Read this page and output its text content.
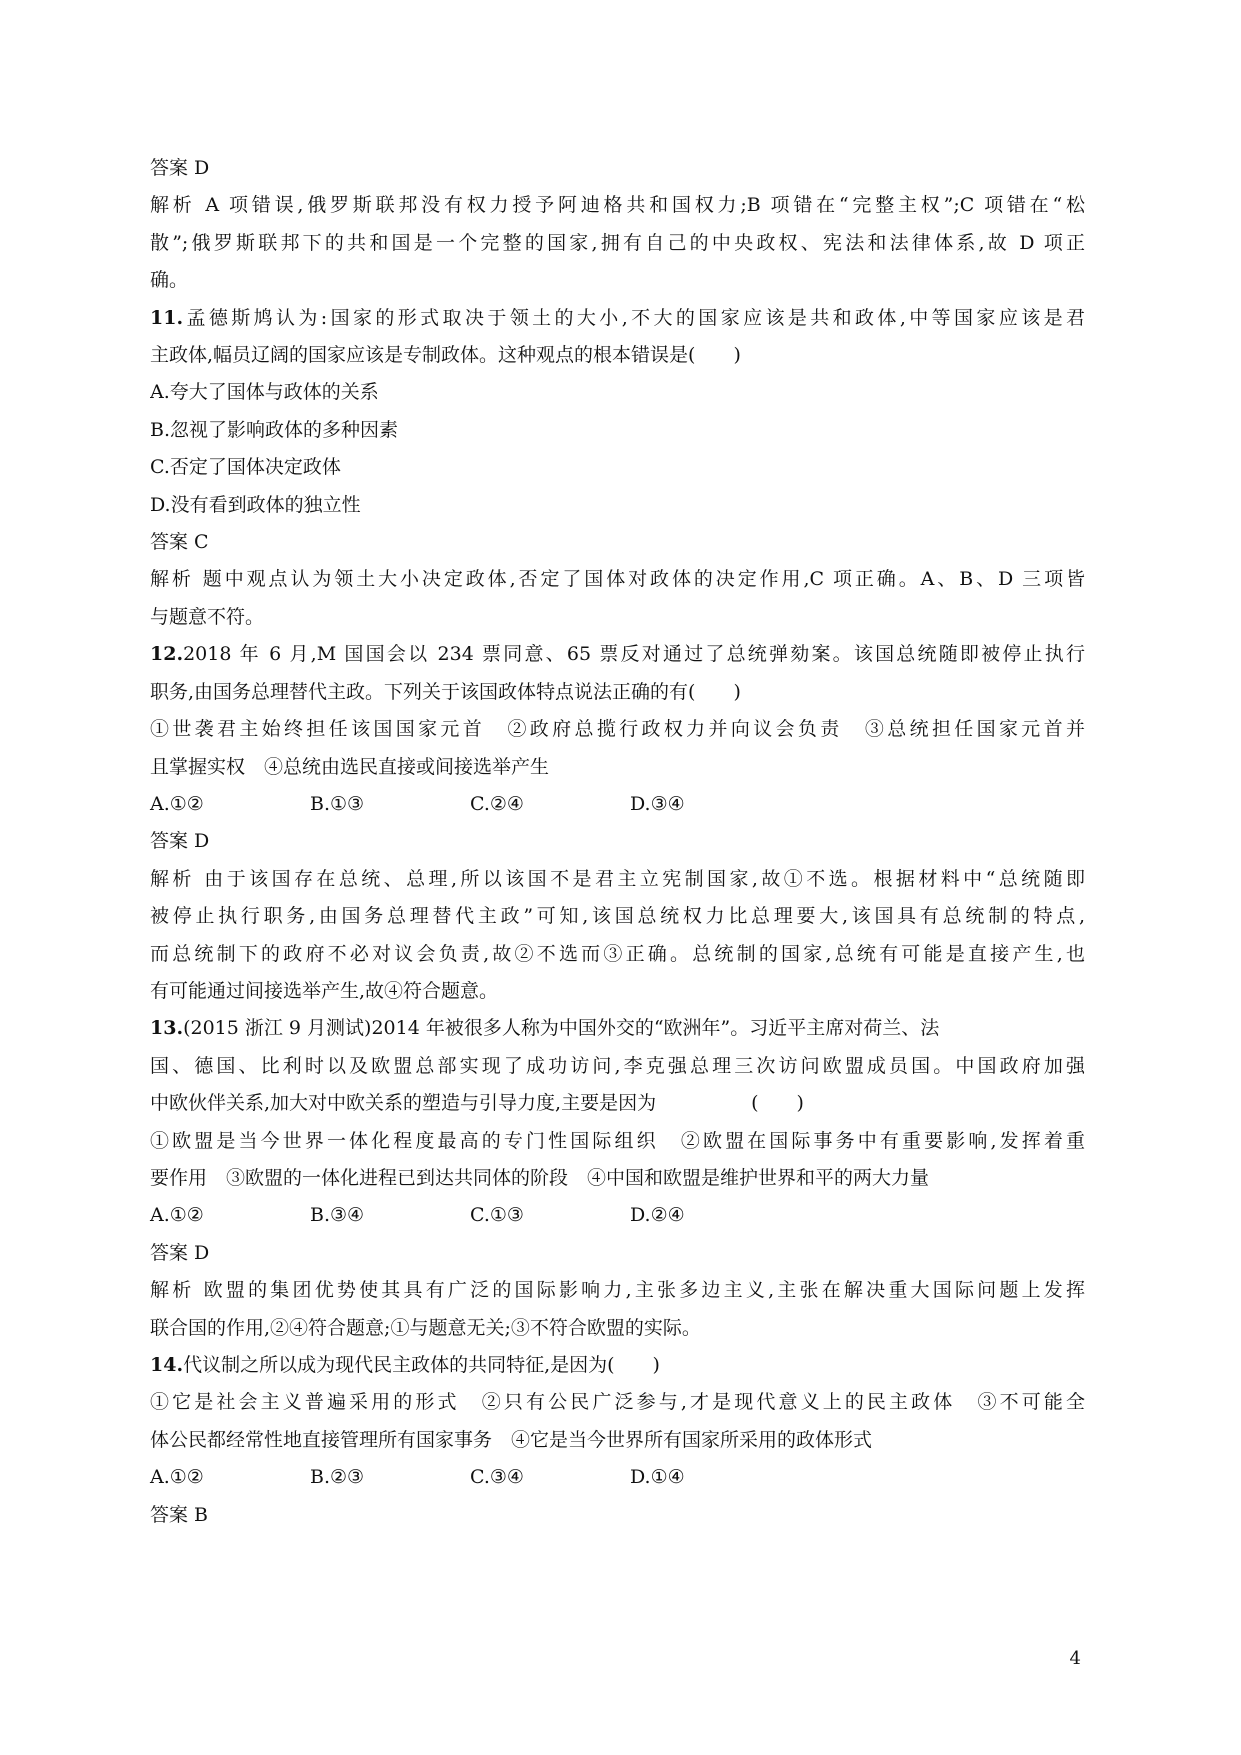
答案 D
解析 A 项错误,俄罗斯联邦没有权力授予阿迪格共和国权力;B 项错在“完整主权”;C 项错在“松
散”;俄罗斯联邦下的共和国是一个完整的国家,拥有自己的中央政权、宪法和法律体系,故 D 项正
确。
11.孟德斯鸠认为:国家的形式取决于领土的大小,不大的国家应该是共和政体,中等国家应该是君
主政体,幅员辽阔的国家应该是专制政体。这种观点的根本错误是(　　)
A.夸大了国体与政体的关系
B.忽视了影响政体的多种因素
C.否定了国体决定政体
D.没有看到政体的独立性
答案 C
解析 题中观点认为领土大小决定政体,否定了国体对政体的决定作用,C 项正确。A、B、D 三项皆
与题意不符。
12.2018 年 6 月,M 国国会以 234 票同意、65 票反对通过了总统弹劾案。该国总统随即被停止执行
职务,由国务总理替代主政。下列关于该国政体特点说法正确的有(　　)
①世袭君主始终担任该国国家元首　②政府总揽行政权力并向议会负责　③总统担任国家元首并
且掌握实权　④总统由选民直接或间接选举产生
A.①②	B.①③	C.②④	D.③④
答案 D
解析 由于该国存在总统、总理,所以该国不是君主立宪制国家,故①不选。根据材料中“总统随即
被停止执行职务,由国务总理替代主政”可知,该国总统权力比总理要大,该国具有总统制的特点,
而总统制下的政府不必对议会负责,故②不选而③正确。总统制的国家,总统有可能是直接产生,也
有可能通过间接选举产生,故④符合题意。
13.(2015 浙江 9 月测试)2014 年被很多人称为中国外交的“欧洲年”。习近平主席对荷兰、法
国、德国、比利时以及欧盟总部实现了成功访问,李克强总理三次访问欧盟成员国。中国政府加强
中欧伙伴关系,加大对中欧关系的塑造与引导力度,主要是因为　　　　　(　　)
①欧盟是当今世界一体化程度最高的专门性国际组织　②欧盟在国际事务中有重要影响,发挥着重
要作用　③欧盟的一体化进程已到达共同体的阶段　④中国和欧盟是维护世界和平的两大力量
A.①②	B.③④	C.①③	D.②④
答案 D
解析 欧盟的集团优势使其具有广泛的国际影响力,主张多边主义,主张在解决重大国际问题上发挥
联合国的作用,②④符合题意;①与题意无关;③不符合欧盟的实际。
14.代议制之所以成为现代民主政体的共同特征,是因为(　　)
①它是社会主义普遍采用的形式　②只有公民广泛参与,才是现代意义上的民主政体　③不可能全
体公民都经常性地直接管理所有国家事务　④它是当今世界所有国家所采用的政体形式
A.①②	B.②③	C.③④	D.①④
答案 B
4
